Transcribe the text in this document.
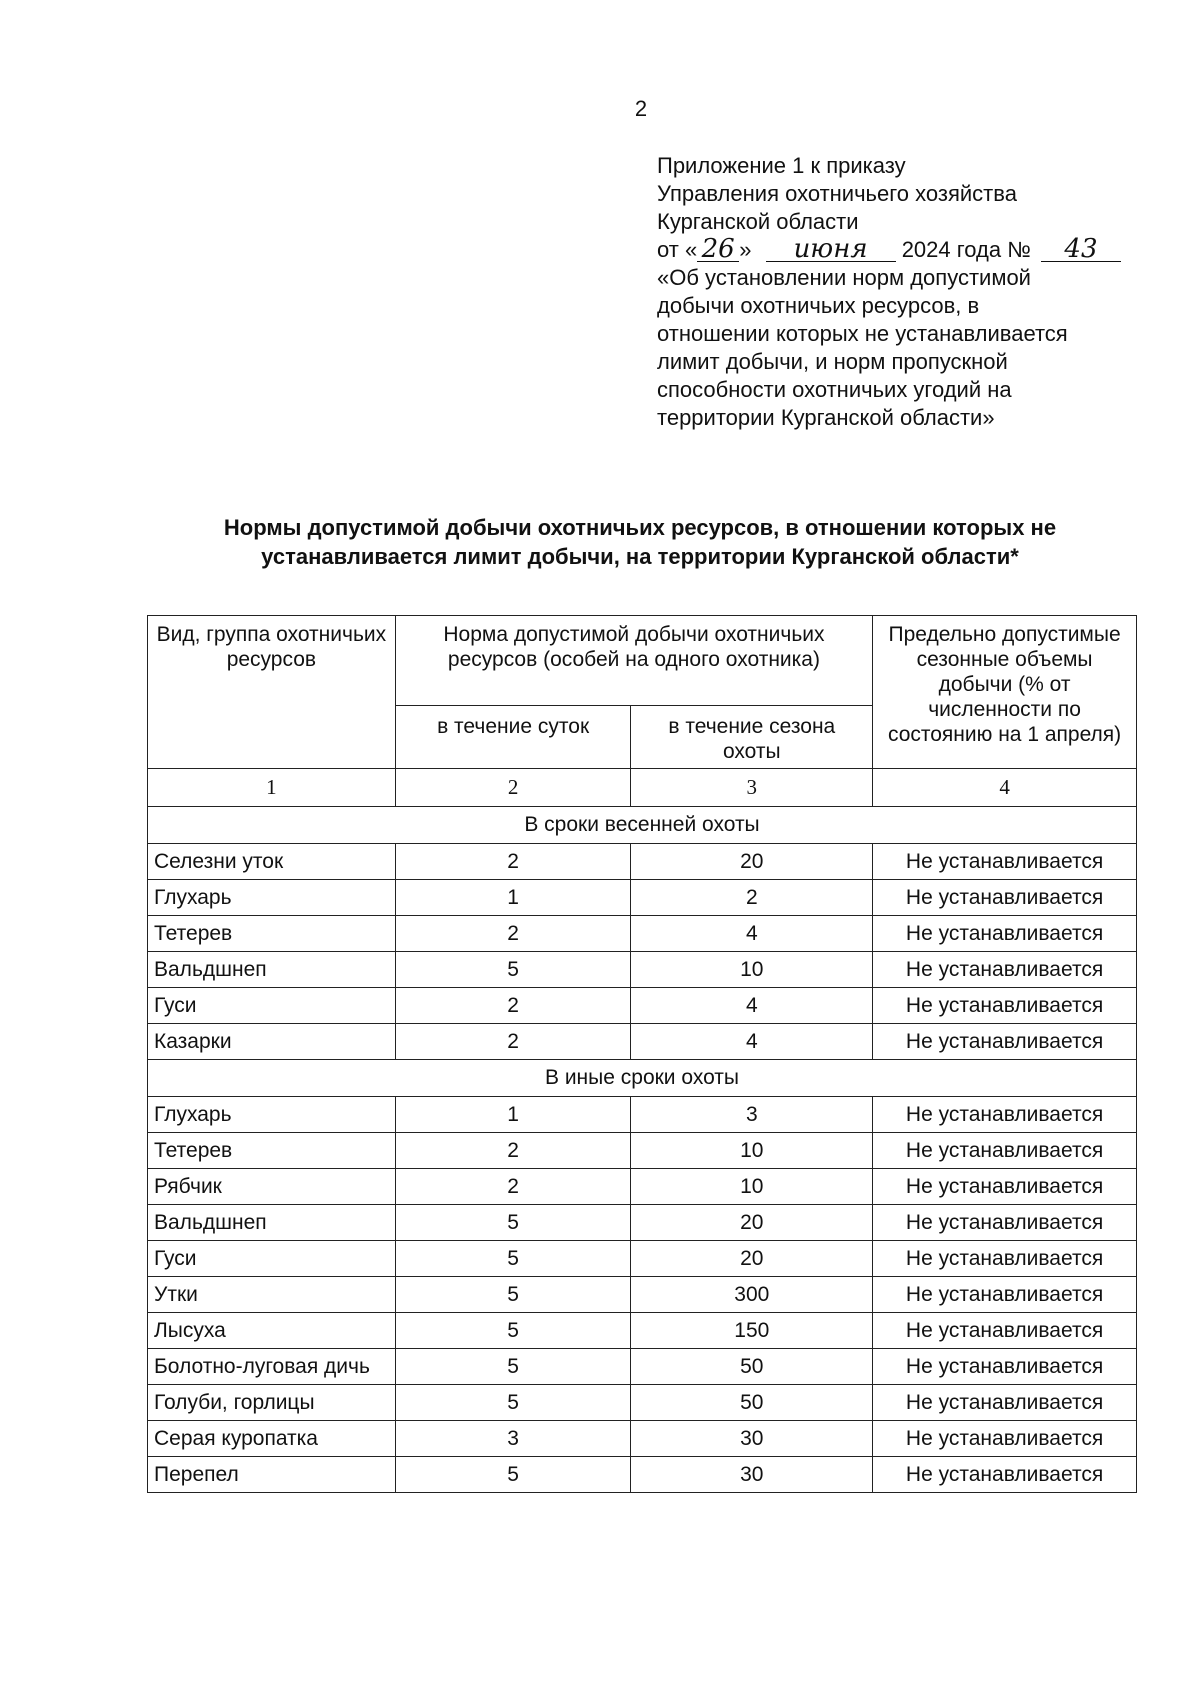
2
Приложение 1 к приказу
Управления охотничьего хозяйства
Курганской области
от « 26 » июня 2024 года № 43
«Об установлении норм допустимой
добычи охотничьих ресурсов, в
отношении которых не устанавливается
лимит добычи, и норм пропускной
способности охотничьих угодий на
территории Курганской области»
Нормы допустимой добычи охотничьих ресурсов, в отношении которых не
устанавливается лимит добычи, на территории Курганской области*
Вид, группа охотничьих ресурсов	Норма допустимой добычи охотничьих ресурсов (особей на одного охотника)		Предельно допустимые сезонные объемы добычи (% от численности по состоянию на 1 апреля)
	в течение суток	в течение сезона охоты	
1	2	3	4
В сроки весенней охоты			
Селезни уток	2	20	Не устанавливается
Глухарь	1	2	Не устанавливается
Тетерев	2	4	Не устанавливается
Вальдшнеп	5	10	Не устанавливается
Гуси	2	4	Не устанавливается
Казарки	2	4	Не устанавливается
В иные сроки охоты			
Глухарь	1	3	Не устанавливается
Тетерев	2	10	Не устанавливается
Рябчик	2	10	Не устанавливается
Вальдшнеп	5	20	Не устанавливается
Гуси	5	20	Не устанавливается
Утки	5	300	Не устанавливается
Лысуха	5	150	Не устанавливается
Болотно-луговая дичь	5	50	Не устанавливается
Голуби, горлицы	5	50	Не устанавливается
Серая куропатка	3	30	Не устанавливается
Перепел	5	30	Не устанавливается
